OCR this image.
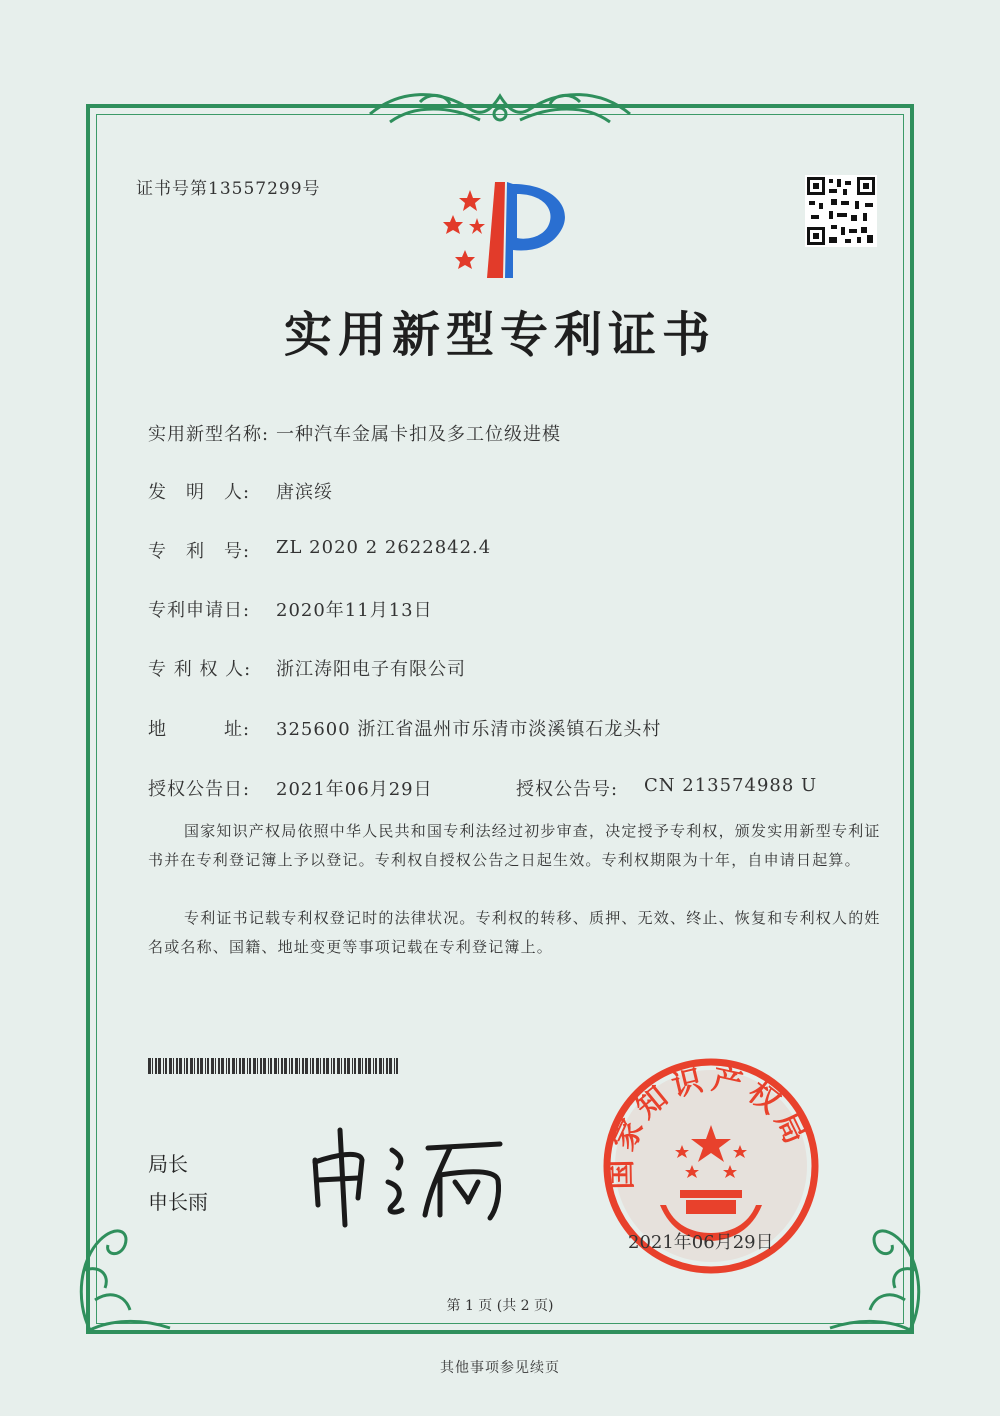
证书号第13557299号
实用新型专利证书
实用新型名称: 一种汽车金属卡扣及多工位级进模
发　明　人: 唐滨绥
专　利　号: ZL 2020 2 2622842.4
专利申请日: 2020年11月13日
专 利 权 人: 浙江涛阳电子有限公司
地　　　址: 325600 浙江省温州市乐清市淡溪镇石龙头村
授权公告日: 2021年06月29日	授权公告号: CN 213574988 U
国家知识产权局依照中华人民共和国专利法经过初步审查，决定授予专利权，颁发实用新型专利证书并在专利登记簿上予以登记。专利权自授权公告之日起生效。专利权期限为十年，自申请日起算。
专利证书记载专利权登记时的法律状况。专利权的转移、质押、无效、终止、恢复和专利权人的姓名或名称、国籍、地址变更等事项记载在专利登记簿上。
局长
申长雨
国家知识产权局
2021年06月29日
第 1 页 (共 2 页)
其他事项参见续页
